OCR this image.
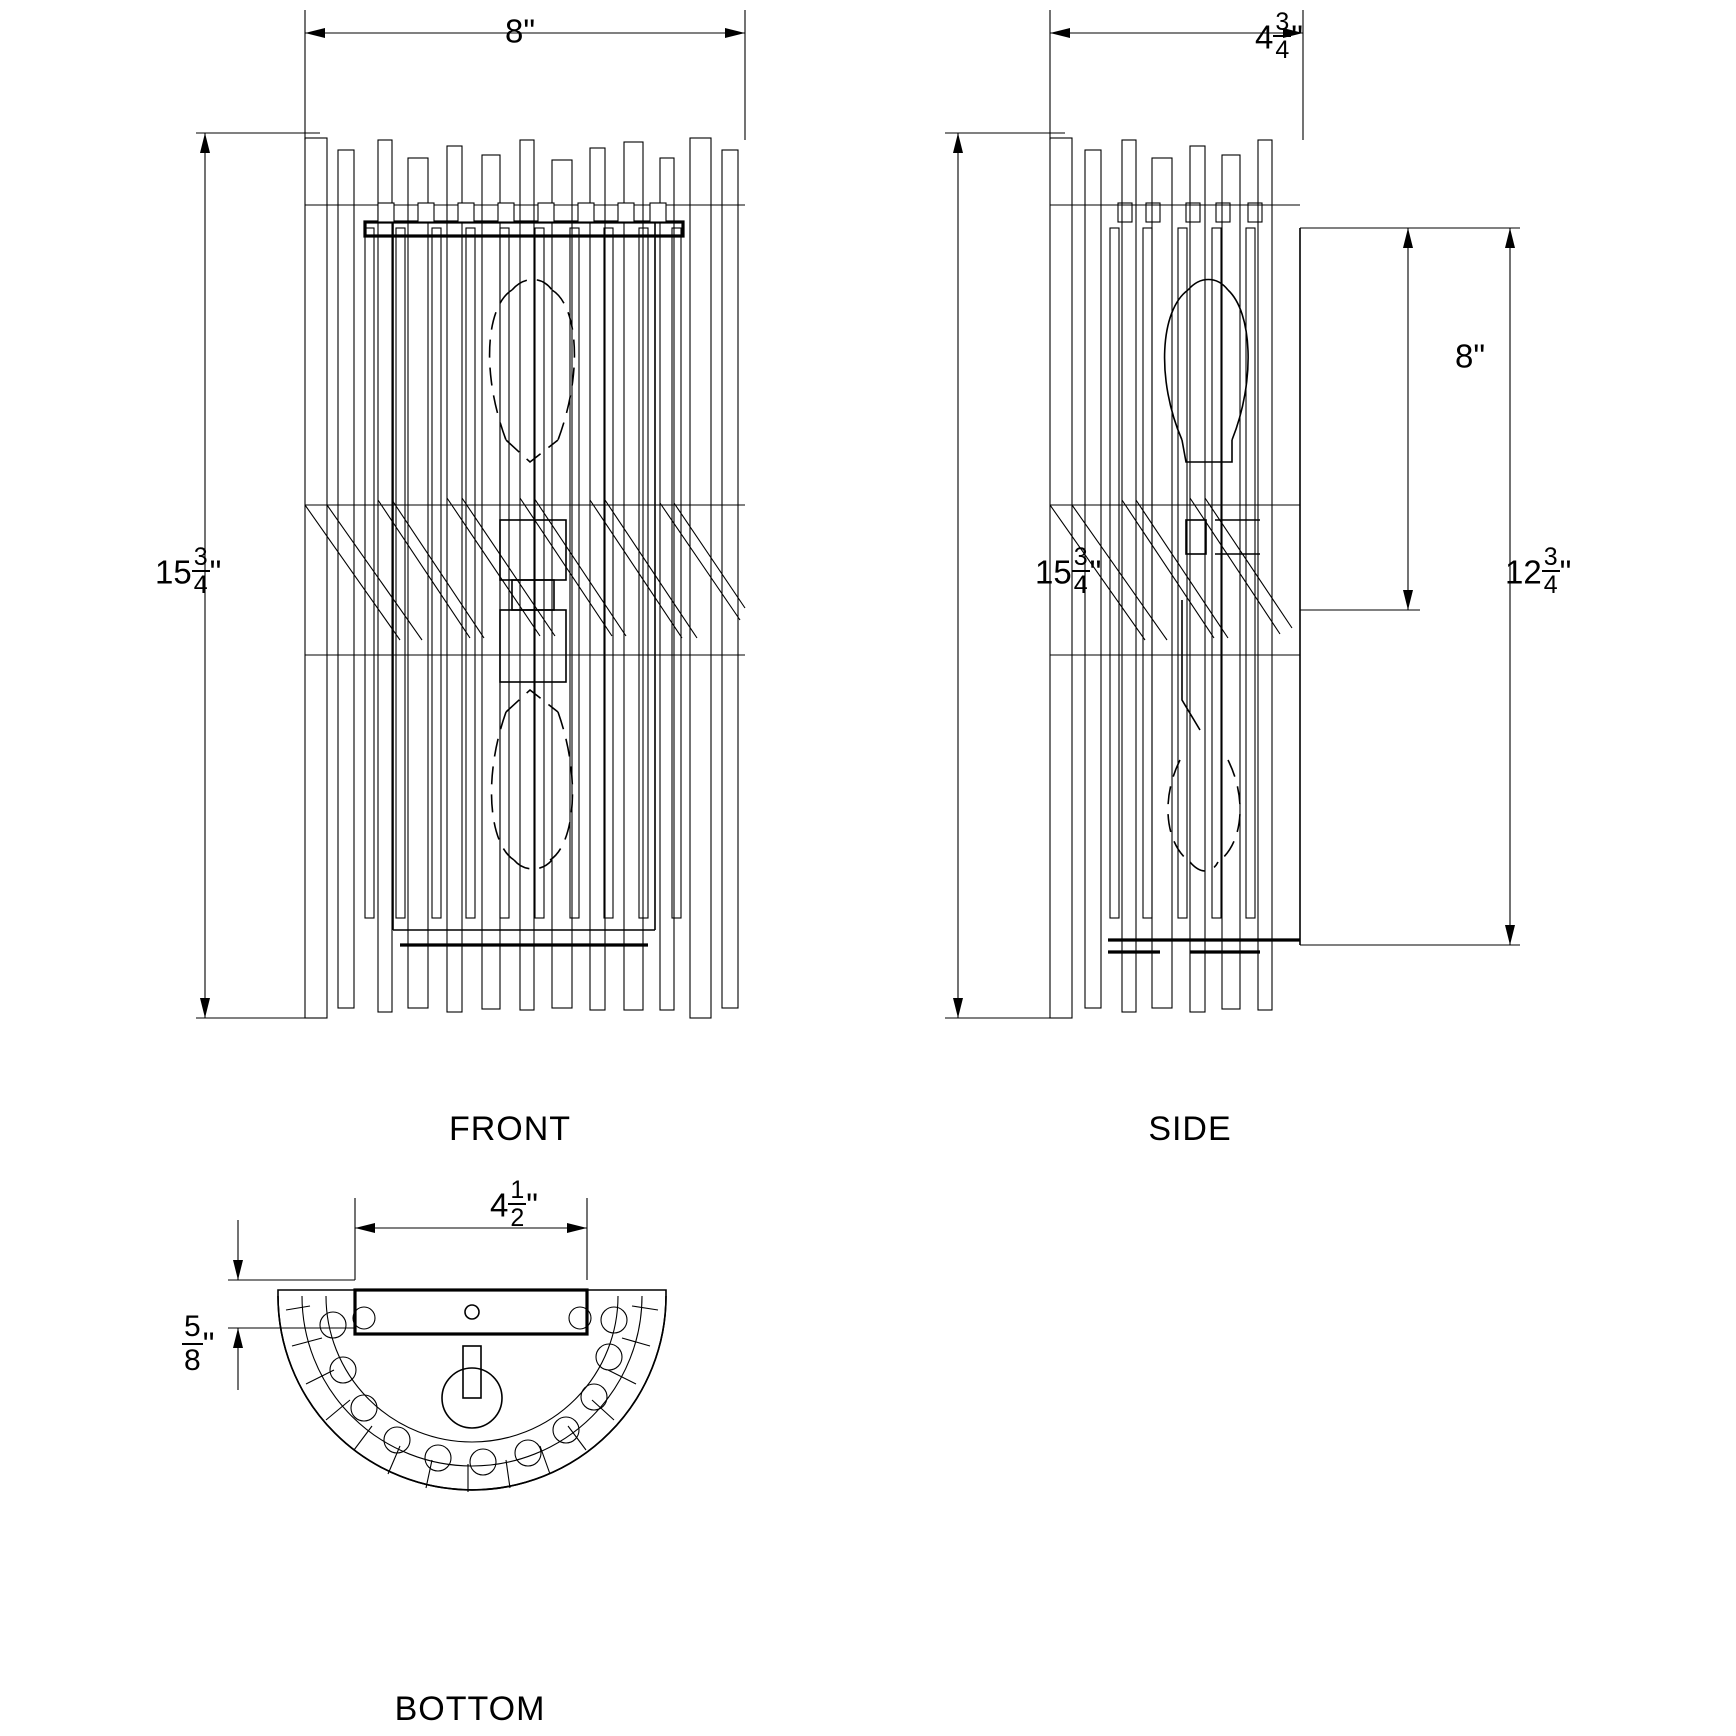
FRONT
8"
$15 \frac{3}{4}$ "
SIDE
$4 \frac{3}{4}$ "
$15 \frac{3}{4}$ "
8"
$12 \frac{3}{4}$ "
BOTTOM
$4 \frac{1}{2}$ "
$\frac{5}{8}$ "
